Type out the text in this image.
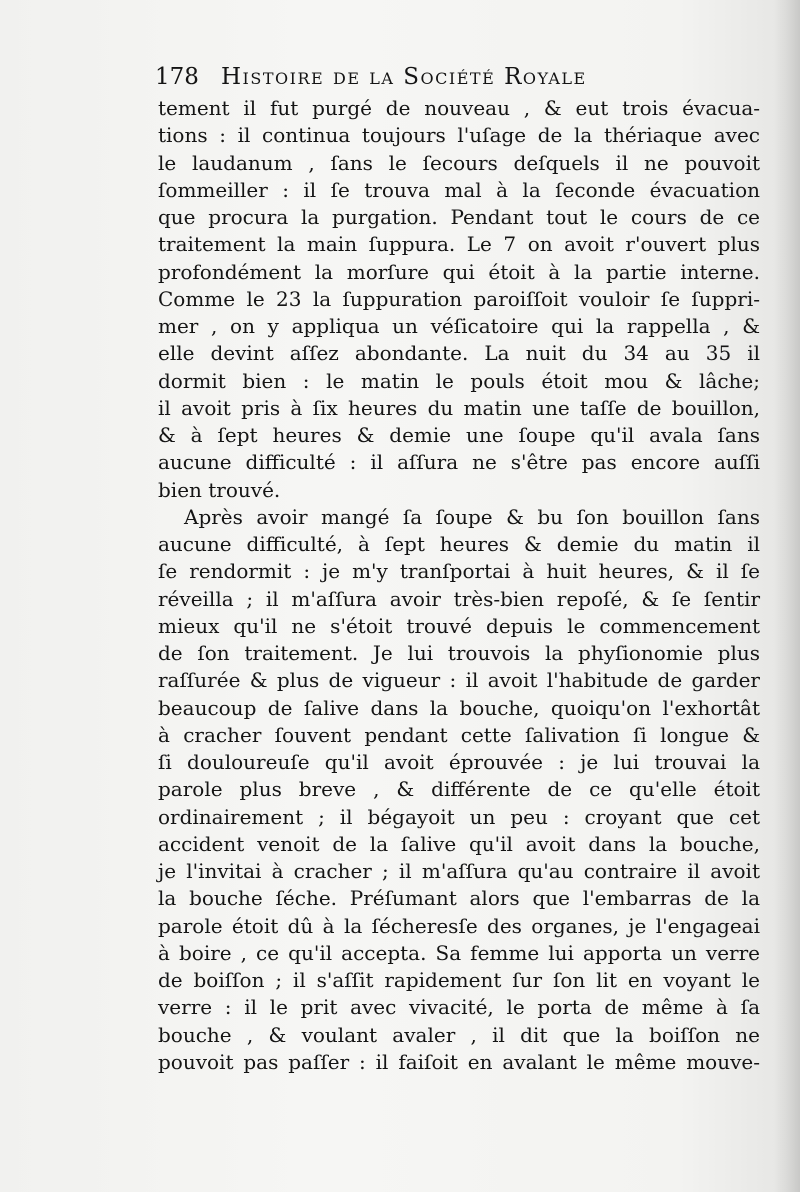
178 Histoire de la Société Royale
tement il fut purgé de nouveau , & eut trois évacua-
tions : il continua toujours l'uſage de la thériaque avec
le laudanum , ſans le ſecours deſquels il ne pouvoit
ſommeiller : il ſe trouva mal à la ſeconde évacuation
que procura la purgation. Pendant tout le cours de ce
traitement la main ſuppura. Le 7 on avoit r'ouvert plus
profondément la morſure qui étoit à la partie interne.
Comme le 23 la ſuppuration paroiſſoit vouloir ſe ſuppri-
mer , on y appliqua un véſicatoire qui la rappella , &
elle devint aſſez abondante. La nuit du 34 au 35 il
dormit bien : le matin le pouls étoit mou & lâche;
il avoit pris à ſix heures du matin une taſſe de bouillon,
& à ſept heures & demie une ſoupe qu'il avala ſans
aucune difficulté : il aſſura ne s'être pas encore auſſi
bien trouvé.
Après avoir mangé ſa ſoupe & bu ſon bouillon ſans
aucune difficulté, à ſept heures & demie du matin il
ſe rendormit : je m'y tranſportai à huit heures, & il ſe
réveilla ; il m'aſſura avoir très-bien repoſé, & ſe ſentir
mieux qu'il ne s'étoit trouvé depuis le commencement
de ſon traitement. Je lui trouvois la phyſionomie plus
raſſurée & plus de vigueur : il avoit l'habitude de garder
beaucoup de ſalive dans la bouche, quoiqu'on l'exhortât
à cracher ſouvent pendant cette ſalivation ſi longue &
ſi douloureuſe qu'il avoit éprouvée : je lui trouvai la
parole plus breve , & différente de ce qu'elle étoit
ordinairement ; il bégayoit un peu : croyant que cet
accident venoit de la ſalive qu'il avoit dans la bouche,
je l'invitai à cracher ; il m'aſſura qu'au contraire il avoit
la bouche ſéche. Préſumant alors que l'embarras de la
parole étoit dû à la ſécheresſe des organes, je l'engageai
à boire , ce qu'il accepta. Sa femme lui apporta un verre
de boiſſon ; il s'aſſit rapidement ſur ſon lit en voyant le
verre : il le prit avec vivacité, le porta de même à ſa
bouche , & voulant avaler , il dit que la boiſſon ne
pouvoit pas paſſer : il faiſoit en avalant le même mouve-
